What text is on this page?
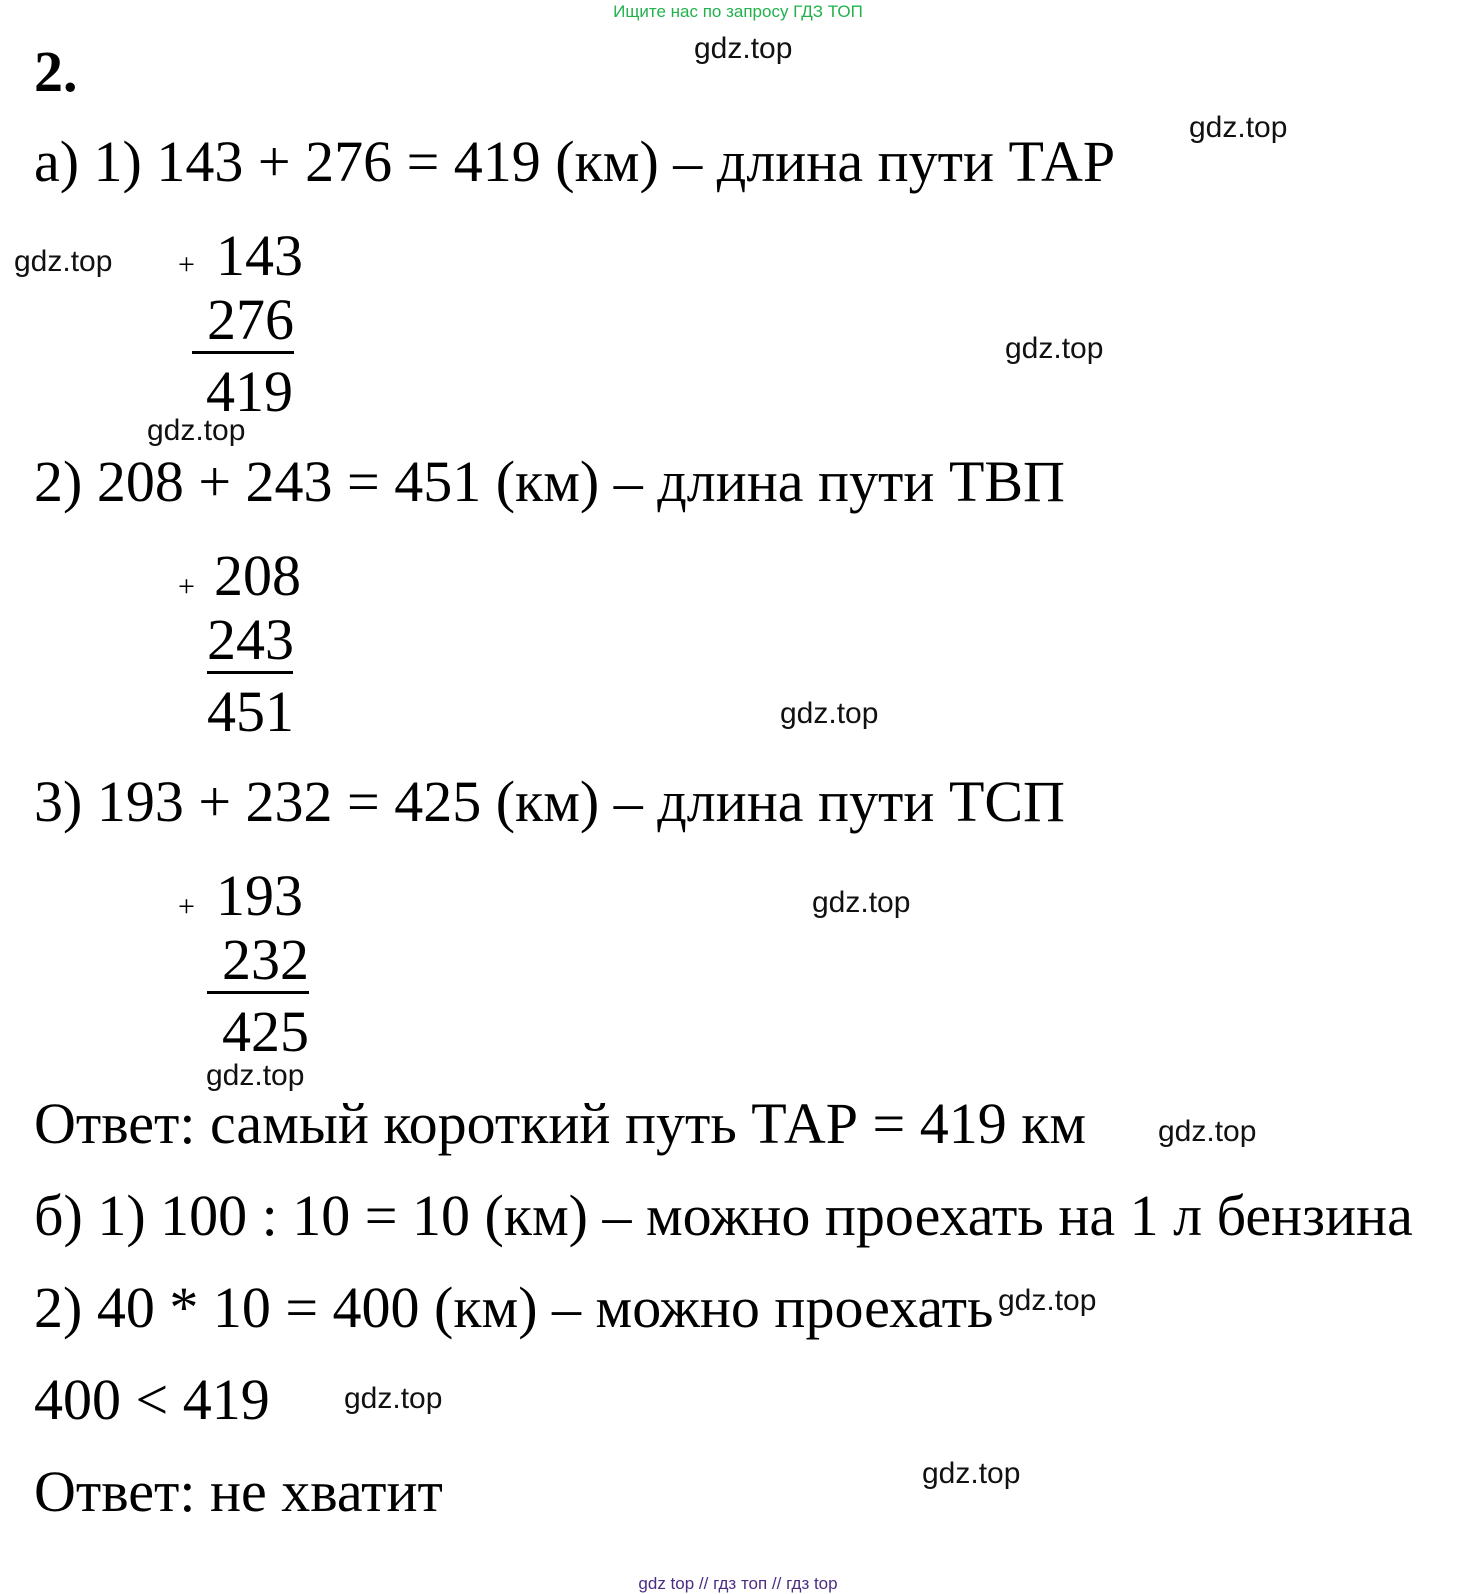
Ищите нас по запросу ГДЗ ТОП
2.
а) 1) 143 + 276 = 419 (км) – длина пути ТАР
+ 143
276
419
2) 208 + 243 = 451 (км) – длина пути ТВП
+ 208
243
451
3) 193 + 232 = 425 (км) – длина пути ТСП
+ 193
232
425
Ответ: самый короткий путь ТАР = 419 км
б) 1) 100 : 10 = 10 (км) – можно проехать на 1 л бензина
2) 40 * 10 = 400 (км) – можно проехать
400 < 419
Ответ: не хватит
gdz.top
gdz.top
gdz.top
gdz.top
gdz.top
gdz.top
gdz.top
gdz.top
gdz.top
gdz.top
gdz.top
gdz.top
gdz top // гдз топ // гдз top
